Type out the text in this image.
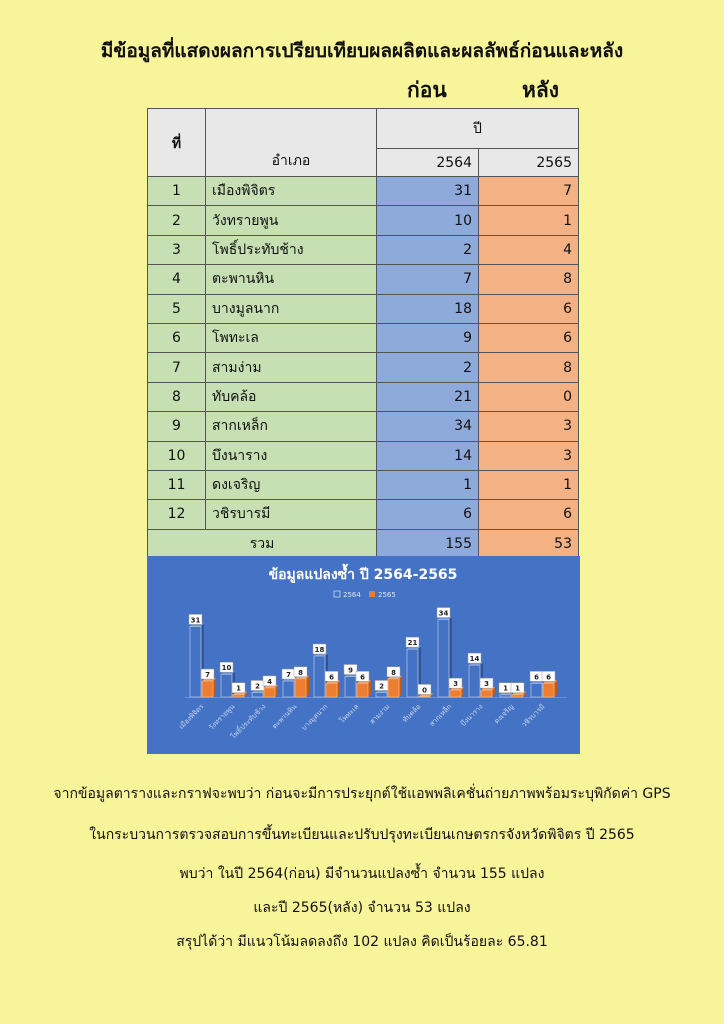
มีข้อมูลที่แสดงผลการเปรียบเทียบผลผลิตและผลลัพธ์ก่อนและหลัง
ก่อน	หลัง
ที่	อำเภอ	ปี	
		2564	2565
1	เมืองพิจิตร	31	7
2	วังทรายพูน	10	1
3	โพธิ์ประทับช้าง	2	4
4	ตะพานหิน	7	8
5	บางมูลนาก	18	6
6	โพทะเล	9	6
7	สามง่าม	2	8
8	ทับคล้อ	21	0
9	สากเหล็ก	34	3
10	บึงนาราง	14	3
11	ดงเจริญ	1	1
12	วชิรบารมี	6	6
รวม		155	53
ข้อมูลแปลงซ้ำ ปี 2564-2565
2564 2565
31
7
เมืองพิจิตร
10
1
วังทรายพูน
2
4
โพธิ์ประทับช้าง
7 8
ตะพานหิน
18
6
บางมูลนาก
9
6
โพทะเล
2
8
สามง่าม
21
0
ทับคล้อ
34
3
สากเหล็ก
14
3
บึงนาราง
1 1
ดงเจริญ
6 6
วชิรบารมี
จากข้อมูลตารางและกราฟจะพบว่า ก่อนจะมีการประยุกต์ใช้แอพพลิเคชั่นถ่ายภาพพร้อมระบุพิกัดค่า GPS
ในกระบวนการตรวจสอบการขึ้นทะเบียนและปรับปรุงทะเบียนเกษตรกรจังหวัดพิจิตร ปี 2565
พบว่า ในปี 2564(ก่อน) มีจำนวนแปลงซ้ำ จำนวน 155 แปลง
และปี 2565(หลัง) จำนวน 53 แปลง
สรุปได้ว่า มีแนวโน้มลดลงถึง 102 แปลง คิดเป็นร้อยละ 65.81
